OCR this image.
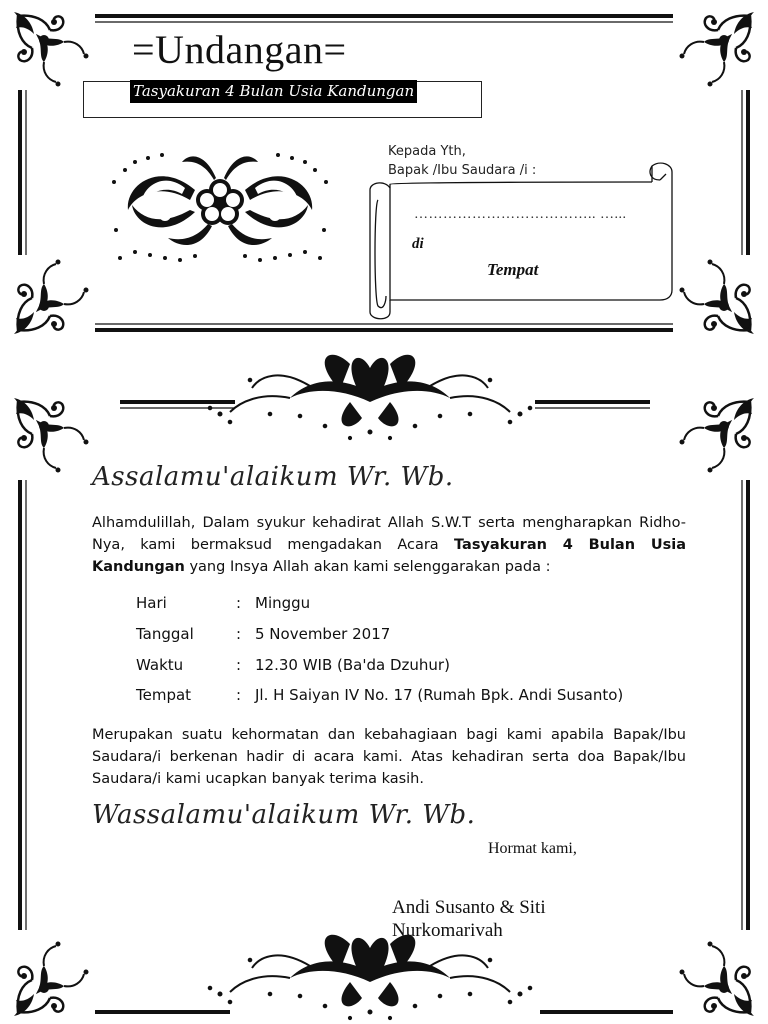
=Undangan=
Tasyakuran 4 Bulan Usia Kandungan
Kepada Yth,
Bapak /Ibu Saudara /i :
……………………………….. …...
di
Tempat
Assalamu'alaikum Wr. Wb.
Alhamdulillah, Dalam syukur kehadirat Allah S.W.T serta mengharapkan Ridho-Nya, kami bermaksud mengadakan Acara Tasyakuran 4 Bulan Usia Kandungan yang Insya Allah akan kami selenggarakan pada :
Hari	: Minggu
Tanggal	: 5 November 2017
Waktu	: 12.30 WIB (Ba'da Dzuhur)
Tempat	: Jl. H Saiyan IV No. 17 (Rumah Bpk. Andi Susanto)
Merupakan suatu kehormatan dan kebahagiaan bagi kami apabila Bapak/Ibu Saudara/i berkenan hadir di acara kami. Atas kehadiran serta doa Bapak/Ibu Saudara/i kami ucapkan banyak terima kasih.
Wassalamu'alaikum Wr. Wb.
Hormat kami,
Andi Susanto & Siti Nurkomarivah
